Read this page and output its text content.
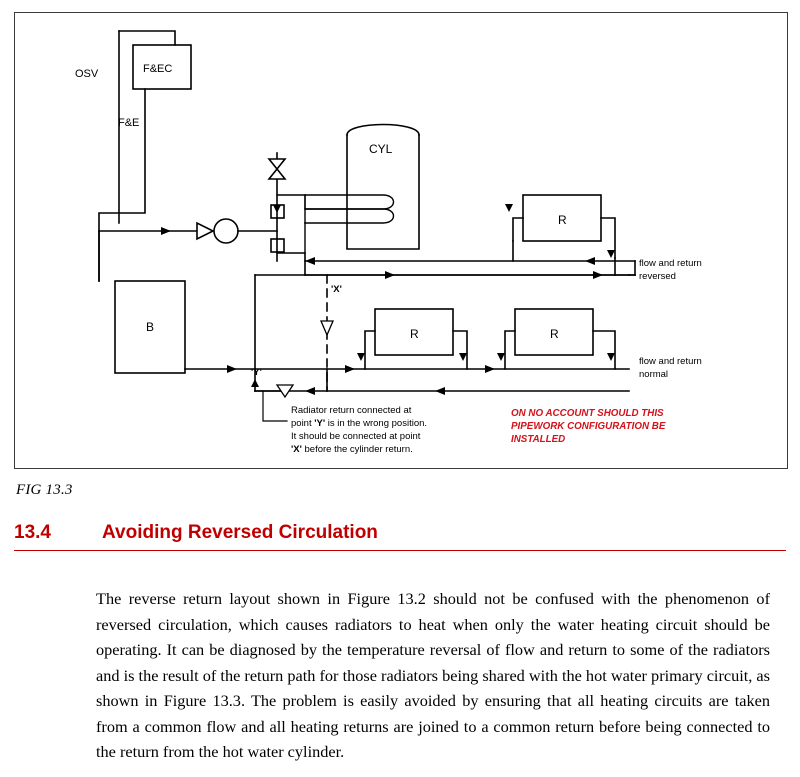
OSV	F&EC
F&E
CYL
B
R
R	R
'X'
'Y'
flow and return
reversed
flow and return
normal
Radiator return connected at
point 'Y' is in the wrong position.
It should be connected at point
'X' before the cylinder return.
ON NO ACCOUNT SHOULD THIS
PIPEWORK CONFIGURATION BE
INSTALLED
FIG 13.3
13.4	Avoiding Reversed Circulation

The reverse return layout shown in Figure 13.2 should not be confused with the phenomenon of reversed circulation, which causes radiators to heat when only the water heating circuit should be operating. It can be diagnosed by the temperature reversal of flow and return to some of the radiators and is the result of the return path for those radiators being shared with the hot water primary circuit, as shown in Figure 13.3. The problem is easily avoided by ensuring that all heating circuits are taken from a common flow and all heating returns are joined to a common return before being connected to the return from the hot water cylinder.
